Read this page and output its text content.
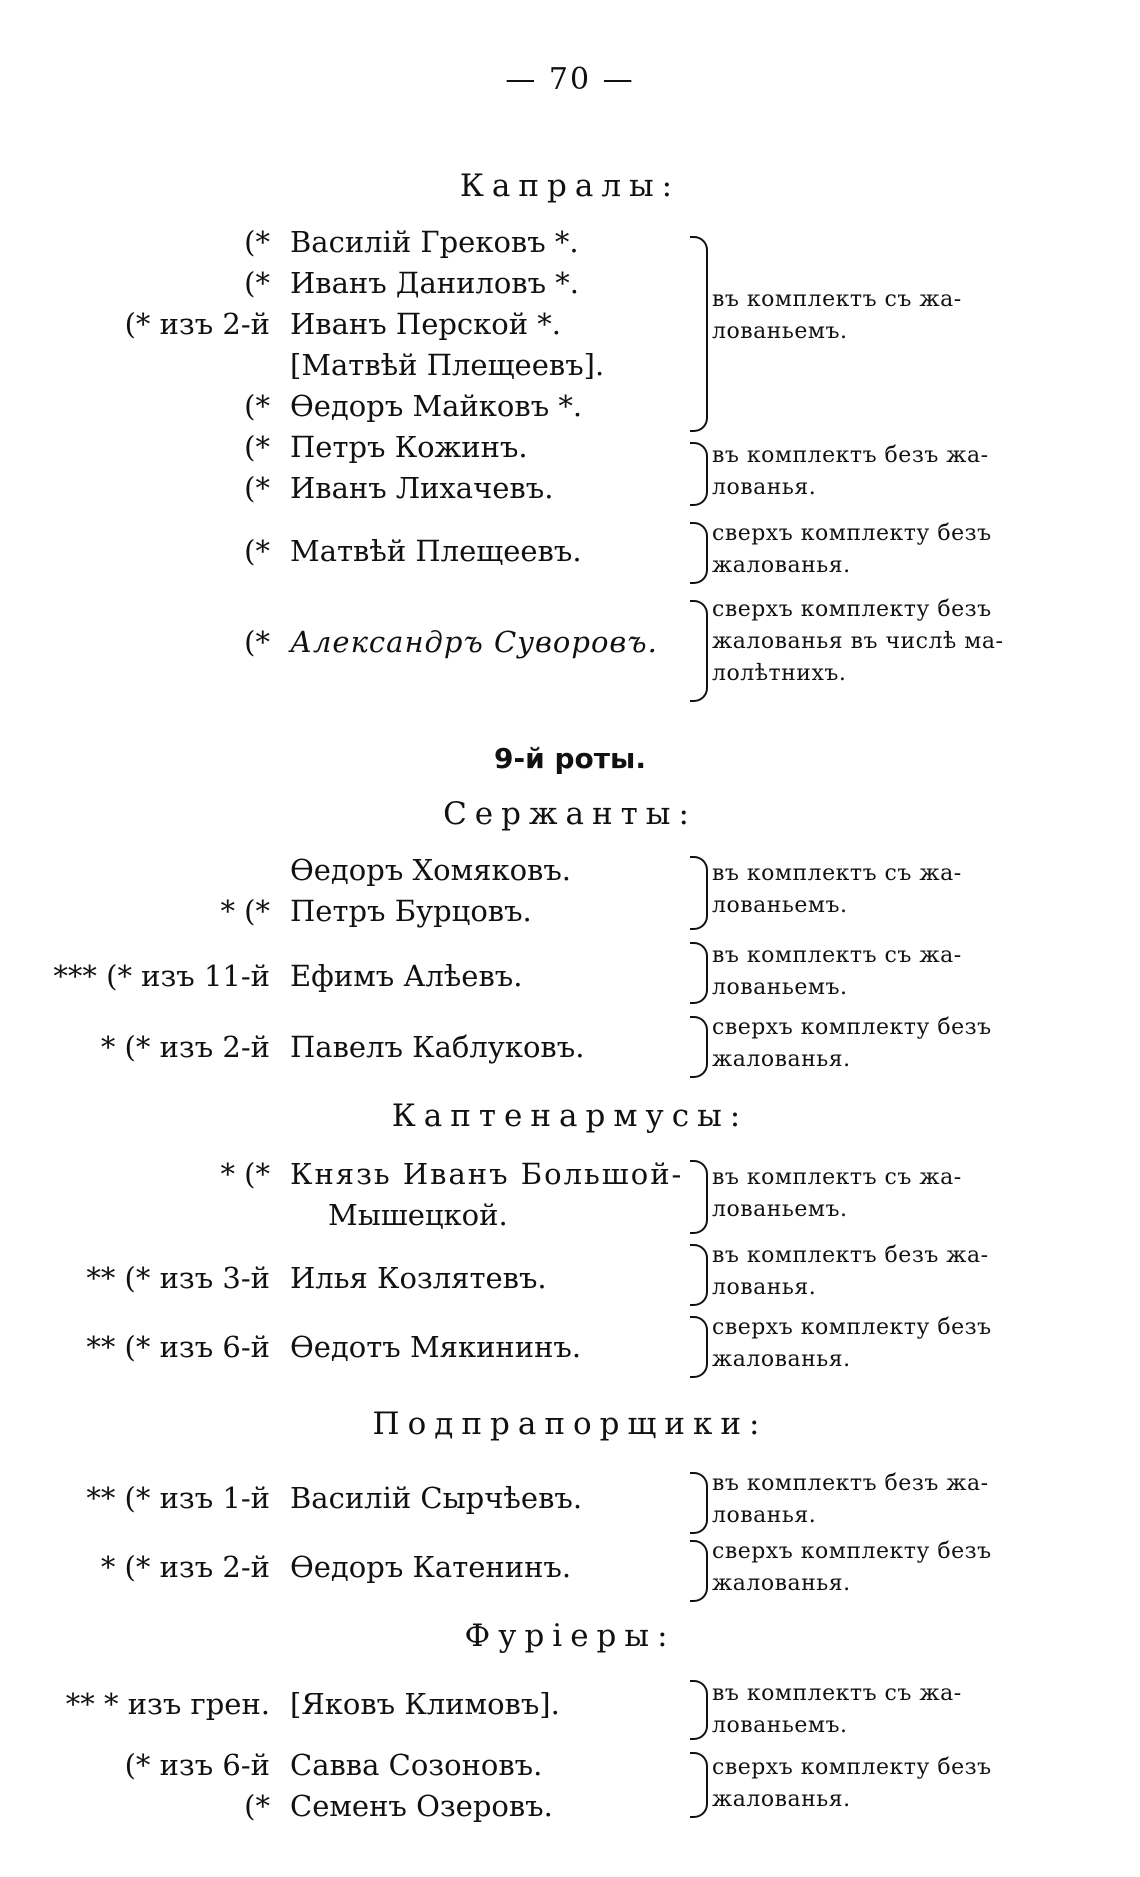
— 70 —
Капралы:
(* Василій Грековъ *.
(* Иванъ Даниловъ *.
(* изъ 2-й Иванъ Перской *.
[Матвѣй Плещеевъ].
(* Ѳедоръ Майковъ *.
(* Петръ Кожинъ.
(* Иванъ Лихачевъ.
(* Матвѣй Плещеевъ.
(* Александръ Суворовъ.
въ комплектъ съ жа-
лованьемъ.
въ комплектъ безъ жа-
лованья.
сверхъ комплекту безъ
жалованья.
сверхъ комплекту безъ
жалованья въ числѣ ма-
лолѣтнихъ.
9-й роты.
Сержанты:
Ѳедоръ Хомяковъ.
* (* Петръ Бурцовъ.
*** (* изъ 11-й Ефимъ Алѣевъ.
* (* изъ 2-й Павелъ Каблуковъ.
въ комплектъ съ жа-
лованьемъ.
въ комплектъ съ жа-
лованьемъ.
сверхъ комплекту безъ
жалованья.
Каптенармусы:
* (* Князь Иванъ Большой-
Мышецкой.
** (* изъ 3-й Илья Козлятевъ.
** (* изъ 6-й Ѳедотъ Мякининъ.
въ комплектъ съ жа-
лованьемъ.
въ комплектъ безъ жа-
лованья.
сверхъ комплекту безъ
жалованья.
Подпрапорщики:
** (* изъ 1-й Василій Сырчѣевъ.
* (* изъ 2-й Ѳедоръ Катенинъ.
въ комплектъ безъ жа-
лованья.
сверхъ комплекту безъ
жалованья.
Фурiеры:
** * изъ грен. [Яковъ Климовъ].
(* изъ 6-й Савва Созоновъ.
(* Семенъ Озеровъ.
въ комплектъ съ жа-
лованьемъ.
сверхъ комплекту безъ
жалованья.
